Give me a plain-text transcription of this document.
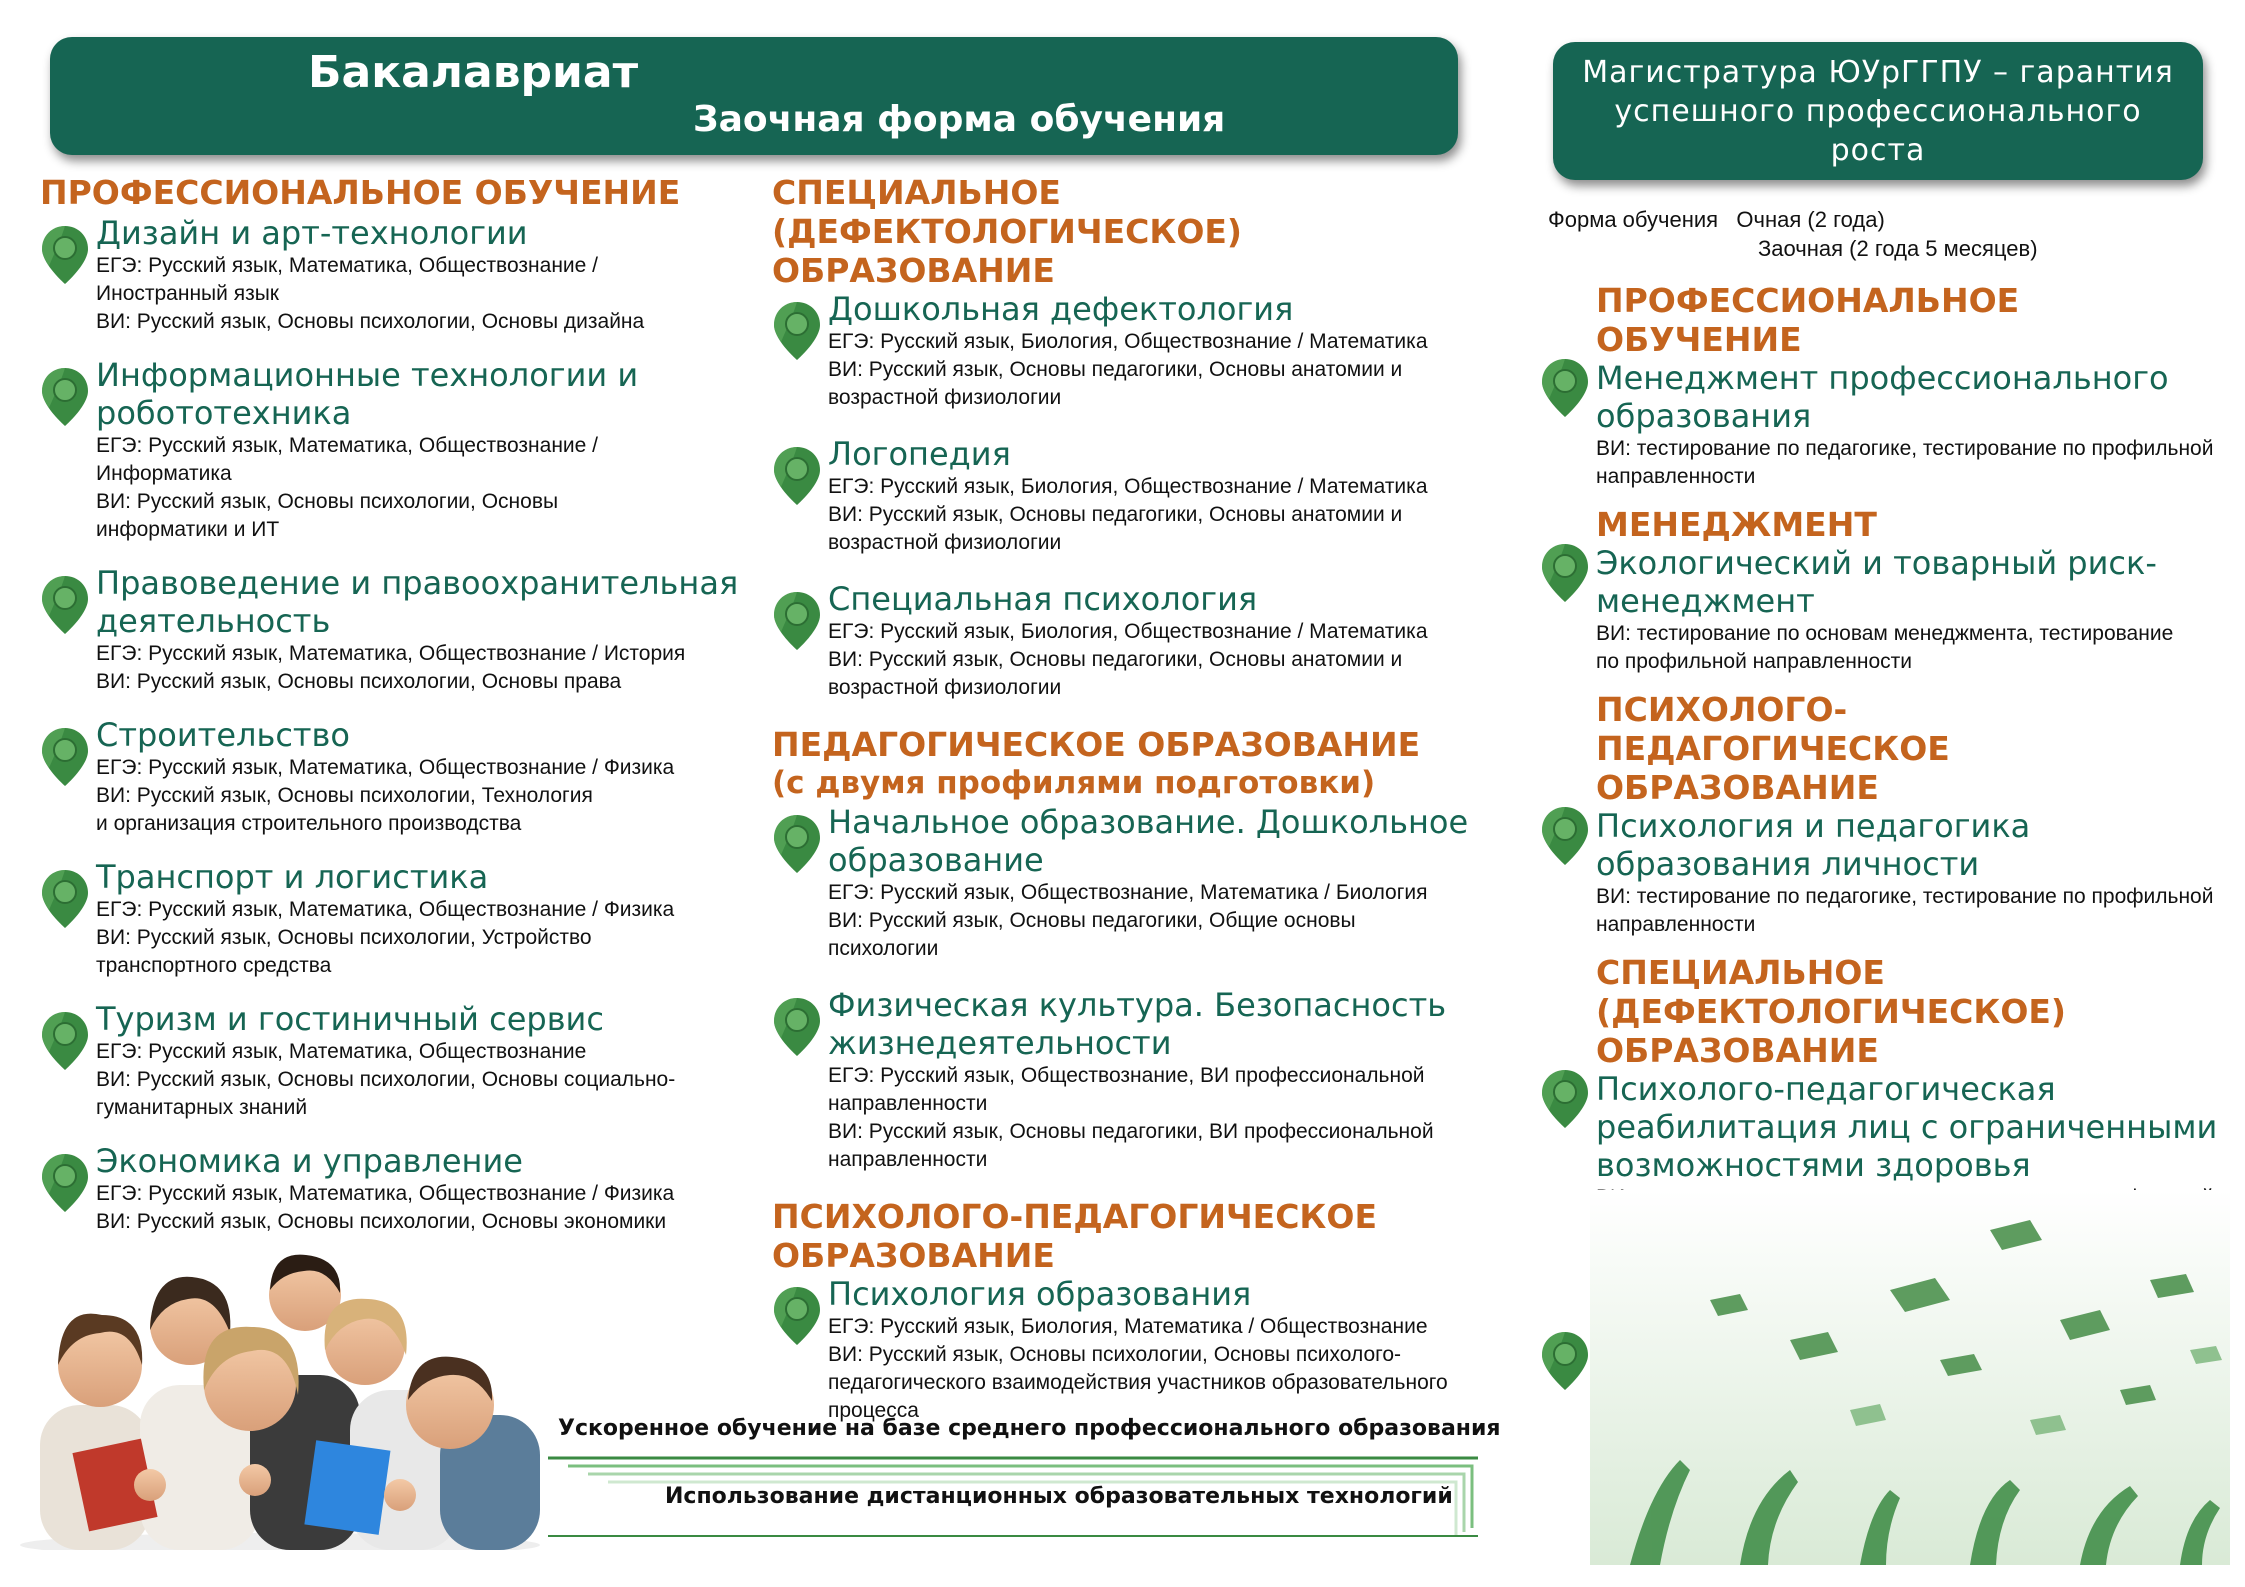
Бакалавриат
Заочная форма обучения
Магистратура ЮУрГГПУ – гарантия успешного профессионального роста
ПРОФЕССИОНАЛЬНОЕ ОБУЧЕНИЕ
Дизайн и арт-технологии
ЕГЭ: Русский язык, Математика, Обществознание /
Иностранный язык
ВИ: Русский язык, Основы психологии, Основы дизайна
Информационные технологии и робототехника
ЕГЭ: Русский язык, Математика, Обществознание /
Информатика
ВИ: Русский язык, Основы психологии, Основы
информатики и ИТ
Правоведение и правоохранительная деятельность
ЕГЭ: Русский язык, Математика, Обществознание / История
ВИ: Русский язык, Основы психологии, Основы права
Строительство
ЕГЭ: Русский язык, Математика, Обществознание / Физика
ВИ: Русский язык, Основы психологии, Технология
и организация строительного производства
Транспорт и логистика
ЕГЭ: Русский язык, Математика, Обществознание / Физика
ВИ: Русский язык, Основы психологии, Устройство
транспортного средства
Туризм и гостиничный сервис
ЕГЭ: Русский язык, Математика, Обществознание
ВИ: Русский язык, Основы психологии, Основы социально-
гуманитарных знаний
Экономика и управление
ЕГЭ: Русский язык, Математика, Обществознание / Физика
ВИ: Русский язык, Основы психологии, Основы экономики
СПЕЦИАЛЬНОЕ (ДЕФЕКТОЛОГИЧЕСКОЕ) ОБРАЗОВАНИЕ
Дошкольная дефектология
ЕГЭ: Русский язык, Биология, Обществознание / Математика
ВИ: Русский язык, Основы педагогики, Основы анатомии и
возрастной физиологии
Логопедия
ЕГЭ: Русский язык, Биология, Обществознание / Математика
ВИ: Русский язык, Основы педагогики, Основы анатомии и
возрастной физиологии
Специальная психология
ЕГЭ: Русский язык, Биология, Обществознание / Математика
ВИ: Русский язык, Основы педагогики, Основы анатомии и
возрастной физиологии
ПЕДАГОГИЧЕСКОЕ ОБРАЗОВАНИЕ
(с двумя профилями подготовки)
Начальное образование. Дошкольное образование
ЕГЭ: Русский язык, Обществознание, Математика / Биология
ВИ: Русский язык, Основы педагогики, Общие основы
психологии
Физическая культура. Безопасность жизнедеятельности
ЕГЭ: Русский язык, Обществознание, ВИ профессиональной
направленности
ВИ: Русский язык, Основы педагогики, ВИ профессиональной
направленности
ПСИХОЛОГО-ПЕДАГОГИЧЕСКОЕ ОБРАЗОВАНИЕ
Психология образования
ЕГЭ: Русский язык, Биология, Математика / Обществознание
ВИ: Русский язык, Основы психологии, Основы психолого-
педагогического взаимодействия участников образовательного
процесса
Форма обучения Очная (2 года)
Заочная (2 года 5 месяцев)
ПРОФЕССИОНАЛЬНОЕ ОБУЧЕНИЕ
Менеджмент профессионального образования
ВИ: тестирование по педагогике, тестирование по профильной
направленности
МЕНЕДЖМЕНТ
Экологический и товарный риск-менеджмент
ВИ: тестирование по основам менеджмента, тестирование
по профильной направленности
ПСИХОЛОГО-ПЕДАГОГИЧЕСКОЕ ОБРАЗОВАНИЕ
Психология и педагогика образования личности
ВИ: тестирование по педагогике, тестирование по профильной
направленности
СПЕЦИАЛЬНОЕ (ДЕФЕКТОЛОГИЧЕСКОЕ) ОБРАЗОВАНИЕ
Психолого-педагогическая реабилитация лиц с ограниченными возможностями здоровья
Ускоренное обучение на базе среднего профессионального образования
Использование дистанционных образовательных технологий
